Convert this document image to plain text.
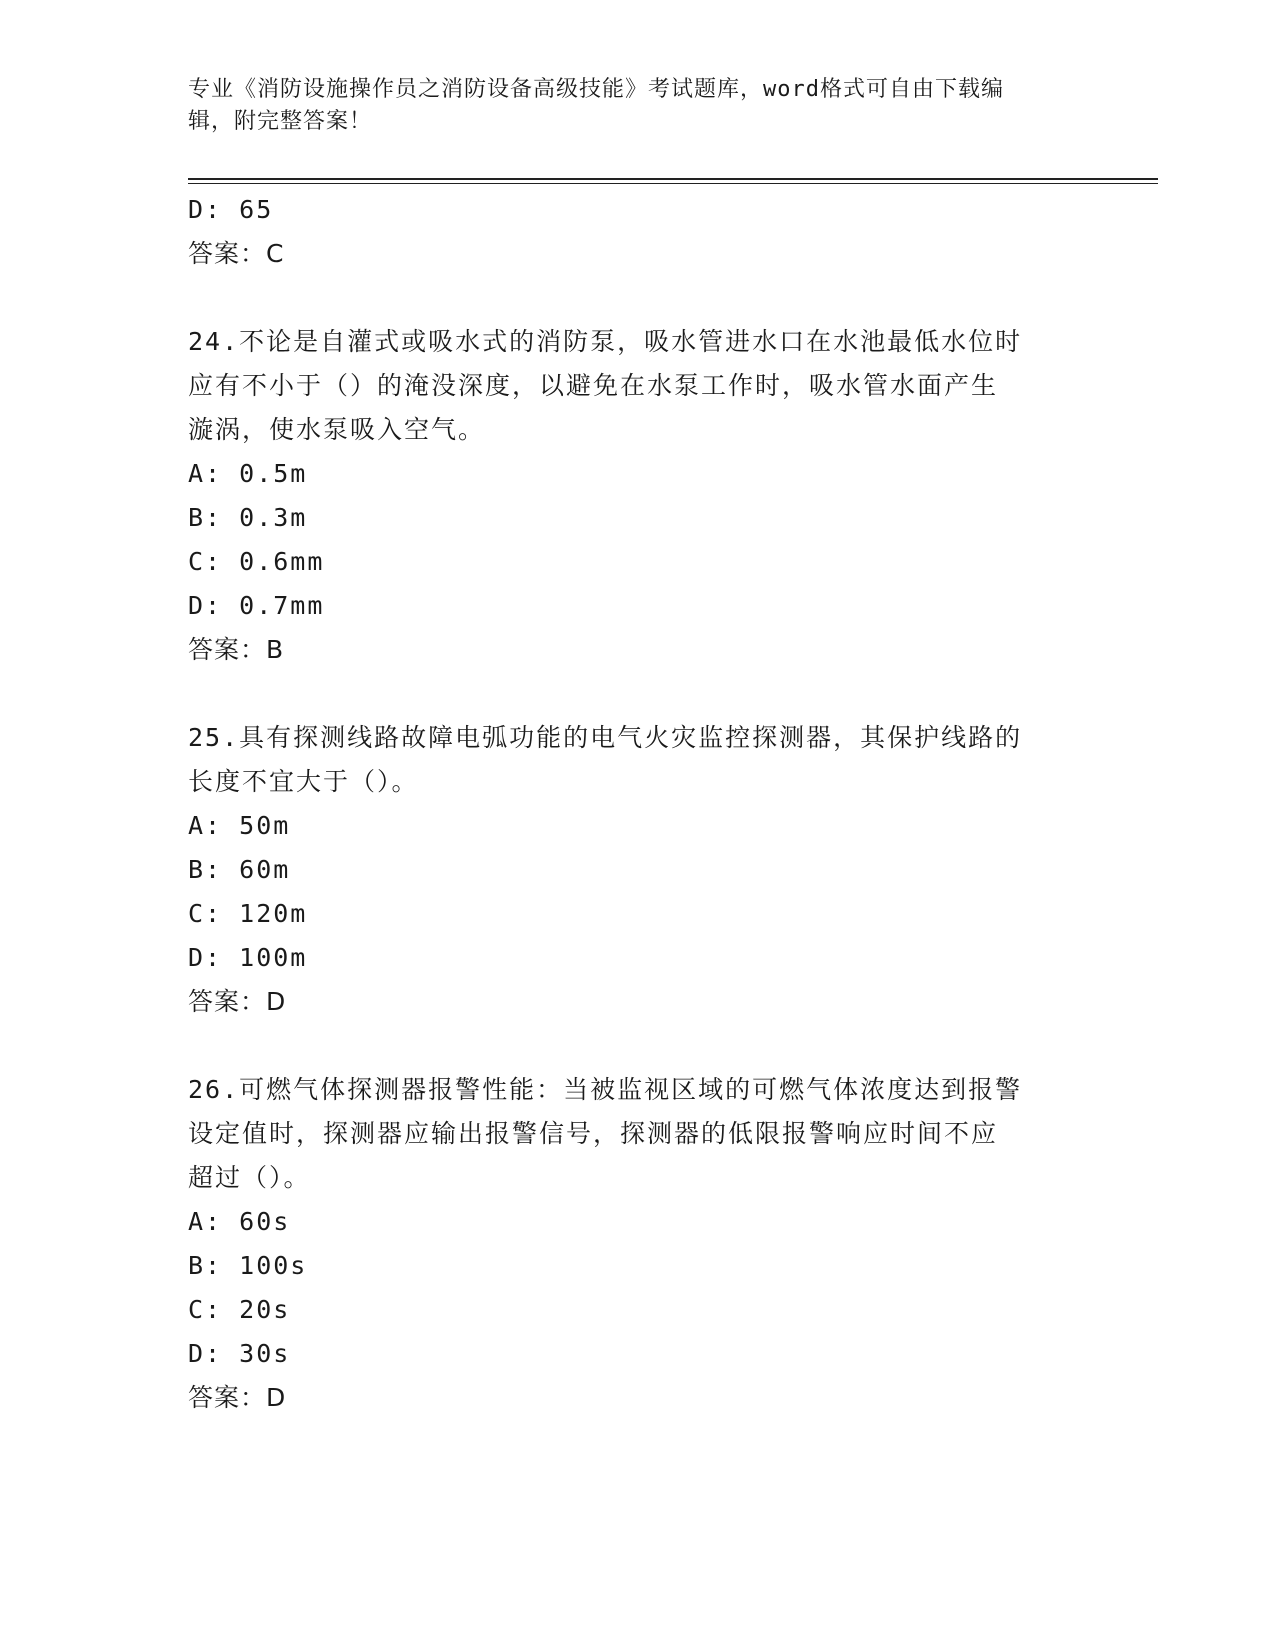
专业《消防设施操作员之消防设备高级技能》考试题库，word格式可自由下载编
辑，附完整答案！
D: 65
答案：C
24.不论是自灌式或吸水式的消防泵，吸水管进水口在水池最低水位时
应有不小于（）的淹没深度，以避免在水泵工作时，吸水管水面产生
漩涡，使水泵吸入空气。
A: 0.5m
B: 0.3m
C: 0.6mm
D: 0.7mm
答案：B
25.具有探测线路故障电弧功能的电气火灾监控探测器，其保护线路的
长度不宜大于（）。
A: 50m
B: 60m
C: 120m
D: 100m
答案：D
26.可燃气体探测器报警性能：当被监视区域的可燃气体浓度达到报警
设定值时，探测器应输出报警信号，探测器的低限报警响应时间不应
超过（）。
A: 60s
B: 100s
C: 20s
D: 30s
答案：D
